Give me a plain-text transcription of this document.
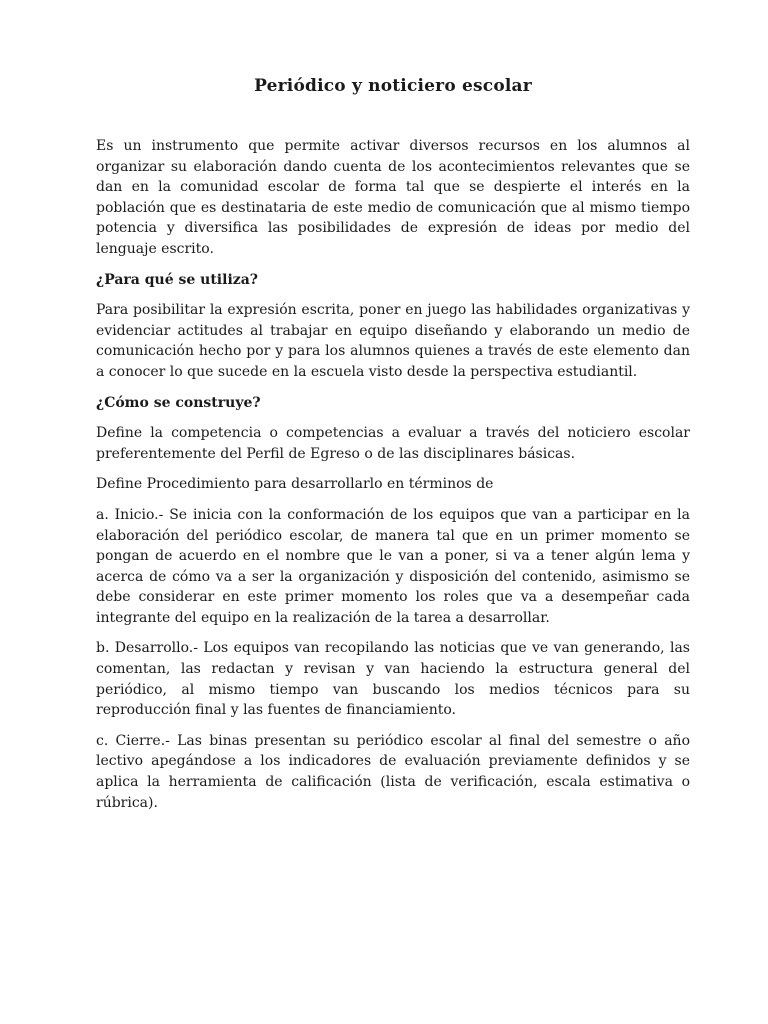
Periódico y noticiero escolar

Es un instrumento que permite activar diversos recursos en los alumnos al organizar su elaboración dando cuenta de los acontecimientos relevantes que se dan en la comunidad escolar de forma tal que se despierte el interés en la población que es destinataria de este medio de comunicación que al mismo tiempo potencia y diversifica las posibilidades de expresión de ideas por medio del lenguaje escrito.

¿Para qué se utiliza?

Para posibilitar la expresión escrita, poner en juego las habilidades organizativas y evidenciar actitudes al trabajar en equipo diseñando y elaborando un medio de comunicación hecho por y para los alumnos quienes a través de este elemento dan a conocer lo que sucede en la escuela visto desde la perspectiva estudiantil.

¿Cómo se construye?

Define la competencia o competencias a evaluar a través del noticiero escolar preferentemente del Perfil de Egreso o de las disciplinares básicas.

Define Procedimiento para desarrollarlo en términos de

a. Inicio.- Se inicia con la conformación de los equipos que van a participar en la elaboración del periódico escolar, de manera tal que en un primer momento se pongan de acuerdo en el nombre que le van a poner, si va a tener algún lema y acerca de cómo va a ser la organización y disposición del contenido, asimismo se debe considerar en este primer momento los roles que va a desempeñar cada integrante del equipo en la realización de la tarea a desarrollar.

b. Desarrollo.- Los equipos van recopilando las noticias que ve van generando, las comentan, las redactan y revisan y van haciendo la estructura general del periódico, al mismo tiempo van buscando los medios técnicos para su reproducción final y las fuentes de financiamiento.

c. Cierre.- Las binas presentan su periódico escolar al final del semestre o año lectivo apegándose a los indicadores de evaluación previamente definidos y se aplica la herramienta de calificación (lista de verificación, escala estimativa o rúbrica).
